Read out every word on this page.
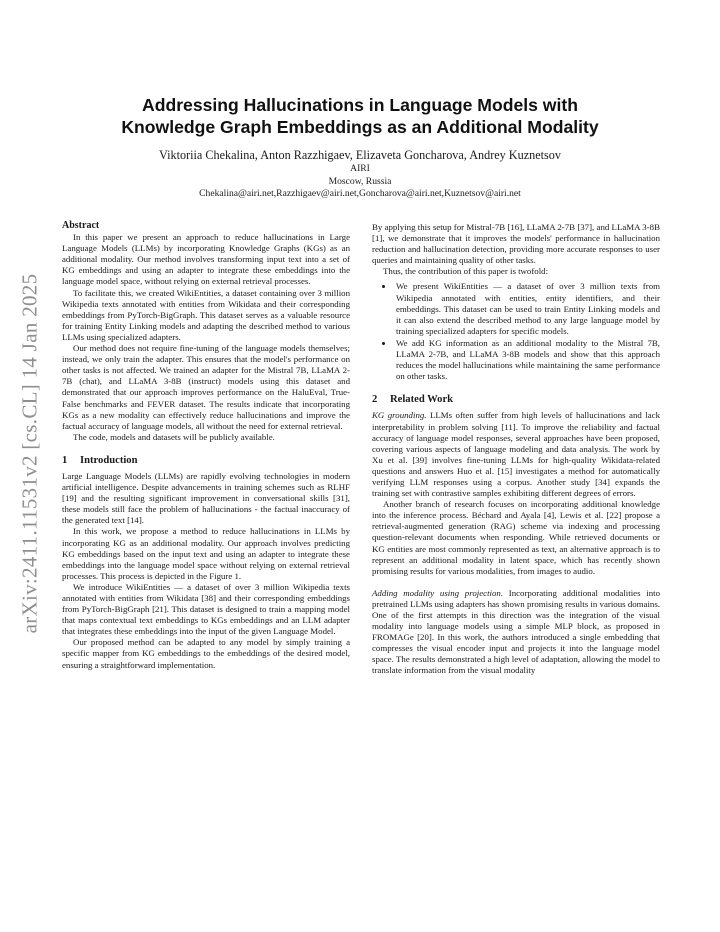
arXiv:2411.11531v2 [cs.CL] 14 Jan 2025
Addressing Hallucinations in Language Models with
Knowledge Graph Embeddings as an Additional Modality
Viktoriia Chekalina, Anton Razzhigaev, Elizaveta Goncharova, Andrey Kuznetsov
AIRI
Moscow, Russia
Chekalina@airi.net,Razzhigaev@airi.net,Goncharova@airi.net,Kuznetsov@airi.net
Abstract

In this paper we present an approach to reduce hallucinations in Large Language Models (LLMs) by incorporating Knowledge Graphs (KGs) as an additional modality. Our method involves transforming input text into a set of KG embeddings and using an adapter to integrate these embeddings into the language model space, without relying on external retrieval processes.

To facilitate this, we created WikiEntities, a dataset containing over 3 million Wikipedia texts annotated with entities from Wikidata and their corresponding embeddings from PyTorch-BigGraph. This dataset serves as a valuable resource for training Entity Linking models and adapting the described method to various LLMs using specialized adapters.

Our method does not require fine-tuning of the language models themselves; instead, we only train the adapter. This ensures that the model's performance on other tasks is not affected. We trained an adapter for the Mistral 7B, LLaMA 2-7B (chat), and LLaMA 3-8B (instruct) models using this dataset and demonstrated that our approach improves performance on the HaluEval, True-False benchmarks and FEVER dataset. The results indicate that incorporating KGs as a new modality can effectively reduce hallucinations and improve the factual accuracy of language models, all without the need for external retrieval.

The code, models and datasets will be publicly available.

1 Introduction

Large Language Models (LLMs) are rapidly evolving technologies in modern artificial intelligence. Despite advancements in training schemes such as RLHF [19] and the resulting significant improvement in conversational skills [31], these models still face the problem of hallucinations - the factual inaccuracy of the generated text [14].

In this work, we propose a method to reduce hallucinations in LLMs by incorporating KG as an additional modality. Our approach involves predicting KG embeddings based on the input text and using an adapter to integrate these embeddings into the language model space without relying on external retrieval processes. This process is depicted in the Figure 1.

We introduce WikiEntities — a dataset of over 3 million Wikipedia texts annotated with entities from Wikidata [38] and their corresponding embeddings from PyTorch-BigGraph [21]. This dataset is designed to train a mapping model that maps contextual text embeddings to KGs embeddings and an LLM adapter that integrates these embeddings into the input of the given Language Model.

Our proposed method can be adapted to any model by simply training a specific mapper from KG embeddings to the embeddings of the desired model, ensuring a straightforward implementation.

By applying this setup for Mistral-7B [16], LLaMA 2-7B [37], and LLaMA 3-8B [1], we demonstrate that it improves the models' performance in hallucination reduction and hallucination detection, providing more accurate responses to user queries and maintaining quality of other tasks.

Thus, the contribution of this paper is twofold:

• We present WikiEntities — a dataset of over 3 million texts from Wikipedia annotated with entities, entity identifiers, and their embeddings. This dataset can be used to train Entity Linking models and it can also extend the described method to any large language model by training specialized adapters for specific models.
• We add KG information as an additional modality to the Mistral 7B, LLaMA 2-7B, and LLaMA 3-8B models and show that this approach reduces the model hallucinations while maintaining the same performance on other tasks.
2 Related Work

KG grounding. LLMs often suffer from high levels of hallucinations and lack interpretability in problem solving [11]. To improve the reliability and factual accuracy of language model responses, several approaches have been proposed, covering various aspects of language modeling and data analysis. The work by Xu et al. [39] involves fine-tuning LLMs for high-quality Wikidata-related questions and answers Huo et al. [15] investigates a method for automatically verifying LLM responses using a corpus. Another study [34] expands the training set with contrastive samples exhibiting different degrees of errors.

Another branch of research focuses on incorporating additional knowledge into the inference process. Béchard and Ayala [4], Lewis et al. [22] propose a retrieval-augmented generation (RAG) scheme via indexing and processing question-relevant documents when responding. While retrieved documents or KG entities are most commonly represented as text, an alternative approach is to represent an additional modality in latent space, which has recently shown promising results for various modalities, from images to audio.

Adding modality using projection. Incorporating additional modalities into pretrained LLMs using adapters has shown promising results in various domains. One of the first attempts in this direction was the integration of the visual modality into language models using a simple MLP block, as proposed in FROMAGe [20]. In this work, the authors introduced a single embedding that compresses the visual encoder input and projects it into the language model space. The results demonstrated a high level of adaptation, allowing the model to translate information from the visual modality
